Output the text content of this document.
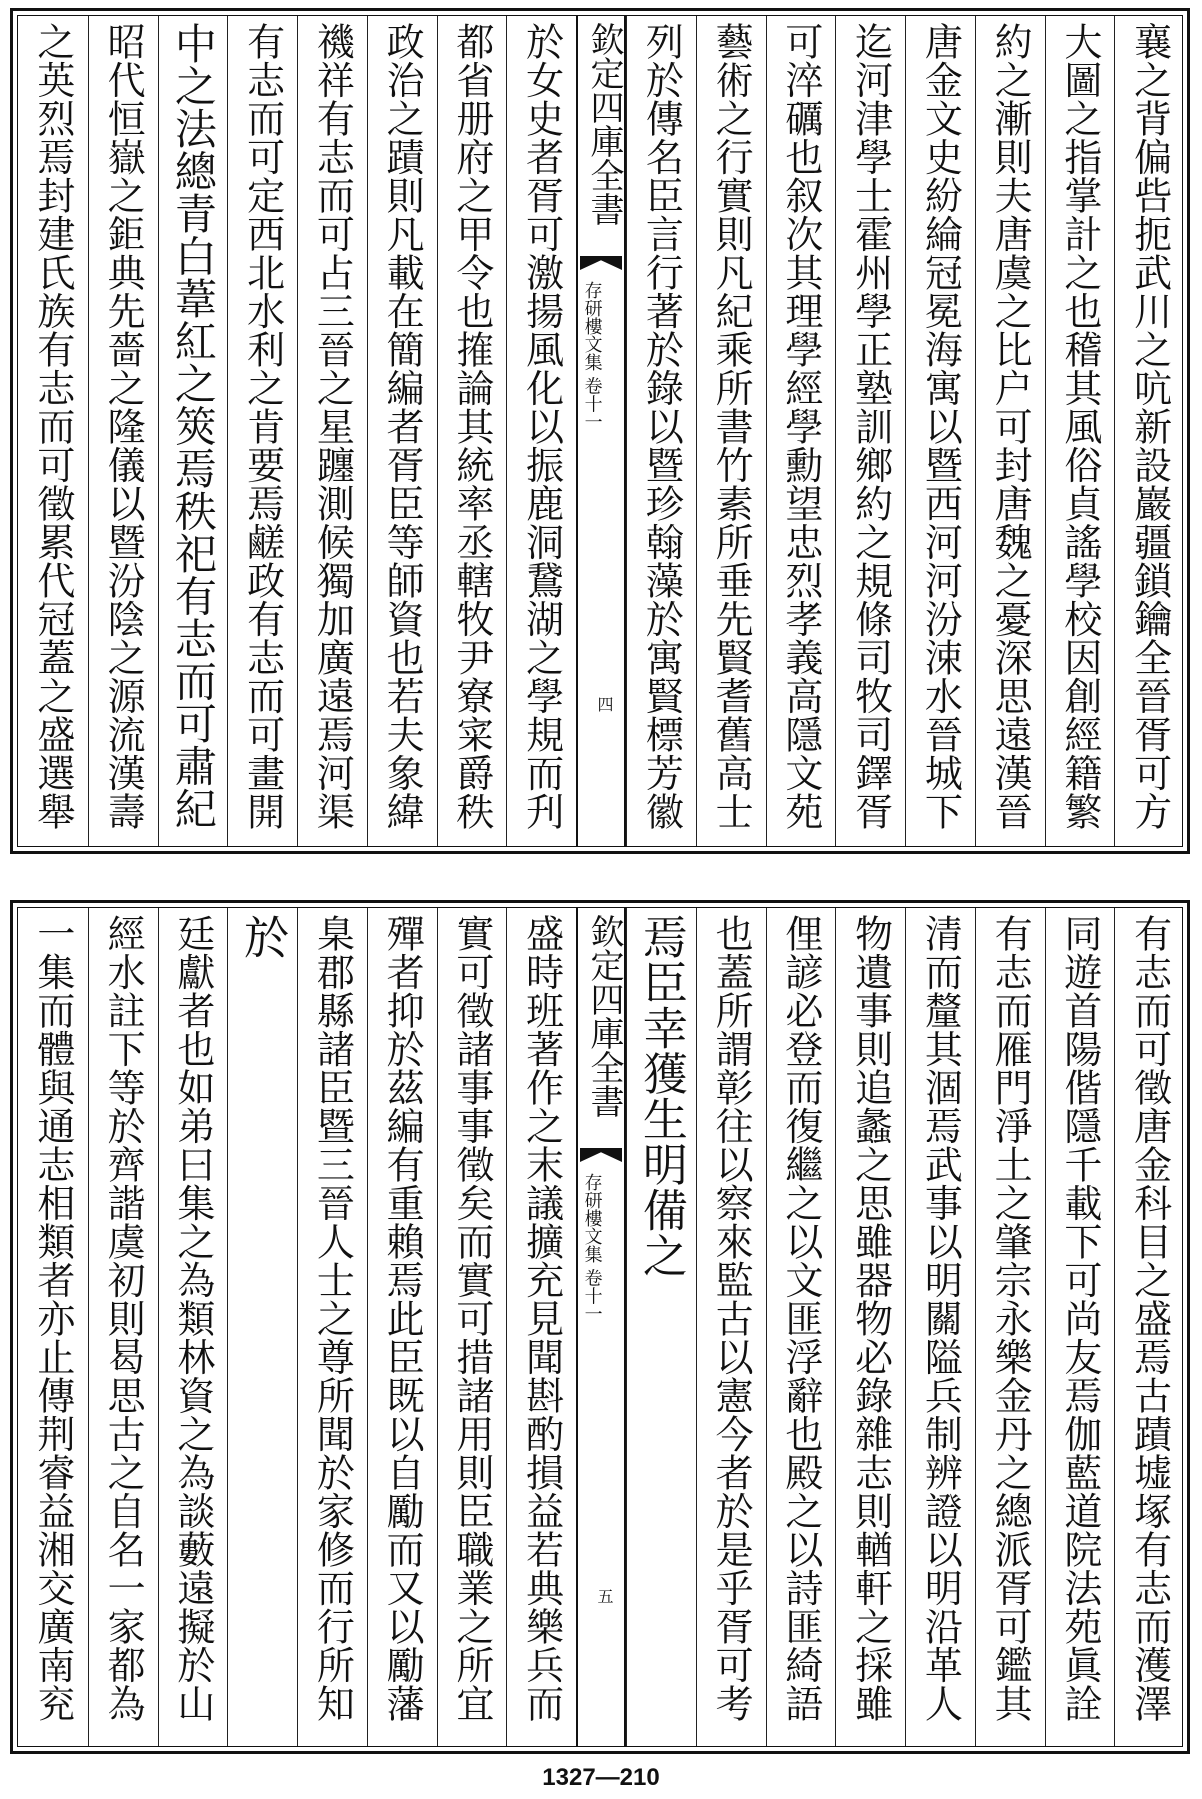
襄之背偏呰扼武川之吭新設巖疆鎖鑰全晉胥可方
大圖之指掌計之也稽其風俗貞謠學校因創經籍繁
約之漸則夫唐虞之比户可封唐魏之憂深思遠漢晉
唐金文史紛綸冠冕海寓以暨西河河汾涑水晉城下
迄河津學士霍州學正塾訓鄉約之規條司牧司鐸胥
可淬礪也叙次其理學經學勳望忠烈孝義高隱文苑
藝術之行實則凡紀乘所書竹素所垂先賢耆舊高士
列於傳名臣言行著於錄以暨珍翰藻於寓賢標芳徽
欽定四庫全書
存研樓文集 卷十一
四
於女史者胥可激揚風化以振鹿洞鵞湖之學規而刋
都省册府之甲令也搉論其統率丞轄牧尹寮寀爵秩
政治之蹟則凡載在簡編者胥臣等師資也若夫象緯
禨祥有志而可占三晉之星躔測候獨加廣遠焉河渠
有志而可定西北水利之肯要焉鹺政有志而可畫開
中之法總青白葦紅之筴焉秩祀有志而可肅紀
昭代恒嶽之鉅典先嗇之隆儀以暨汾陰之源流漢壽
之英烈焉封建氏族有志而可徵累代冠蓋之盛選舉
有志而可徵唐金科目之盛焉古蹟墟塚有志而濩澤
同遊首陽偕隱千載下可尚友焉伽藍道院法苑眞詮
有志而雁門淨土之肇宗永樂金丹之總派胥可鑑其
清而釐其涸焉武事以明關隘兵制辨證以明沿革人
物遺事則追蠡之思雖器物必錄雜志則輶軒之採雖
俚諺必登而復繼之以文匪浮辭也殿之以詩匪綺語
也蓋所謂彰往以察來監古以憲今者於是乎胥可考
焉臣幸獲生明備之
欽定四庫全書
存研樓文集 卷十一
五
盛時班著作之末議擴充見聞斟酌損益若典樂兵而
實可徵諸事事徵矣而實可措諸用則臣職業之所宜
殫者抑於茲編有重賴焉此臣既以自勵而又以勵藩
臬郡縣諸臣暨三晉人士之尊所聞於家修而行所知
於
廷獻者也如弟曰集之為類林資之為談藪遠擬於山
經水註下等於齊諧虞初則曷思古之自名一家都為
一集而體與通志相類者亦止傳荆睿益湘交廣南兖
1327—210
